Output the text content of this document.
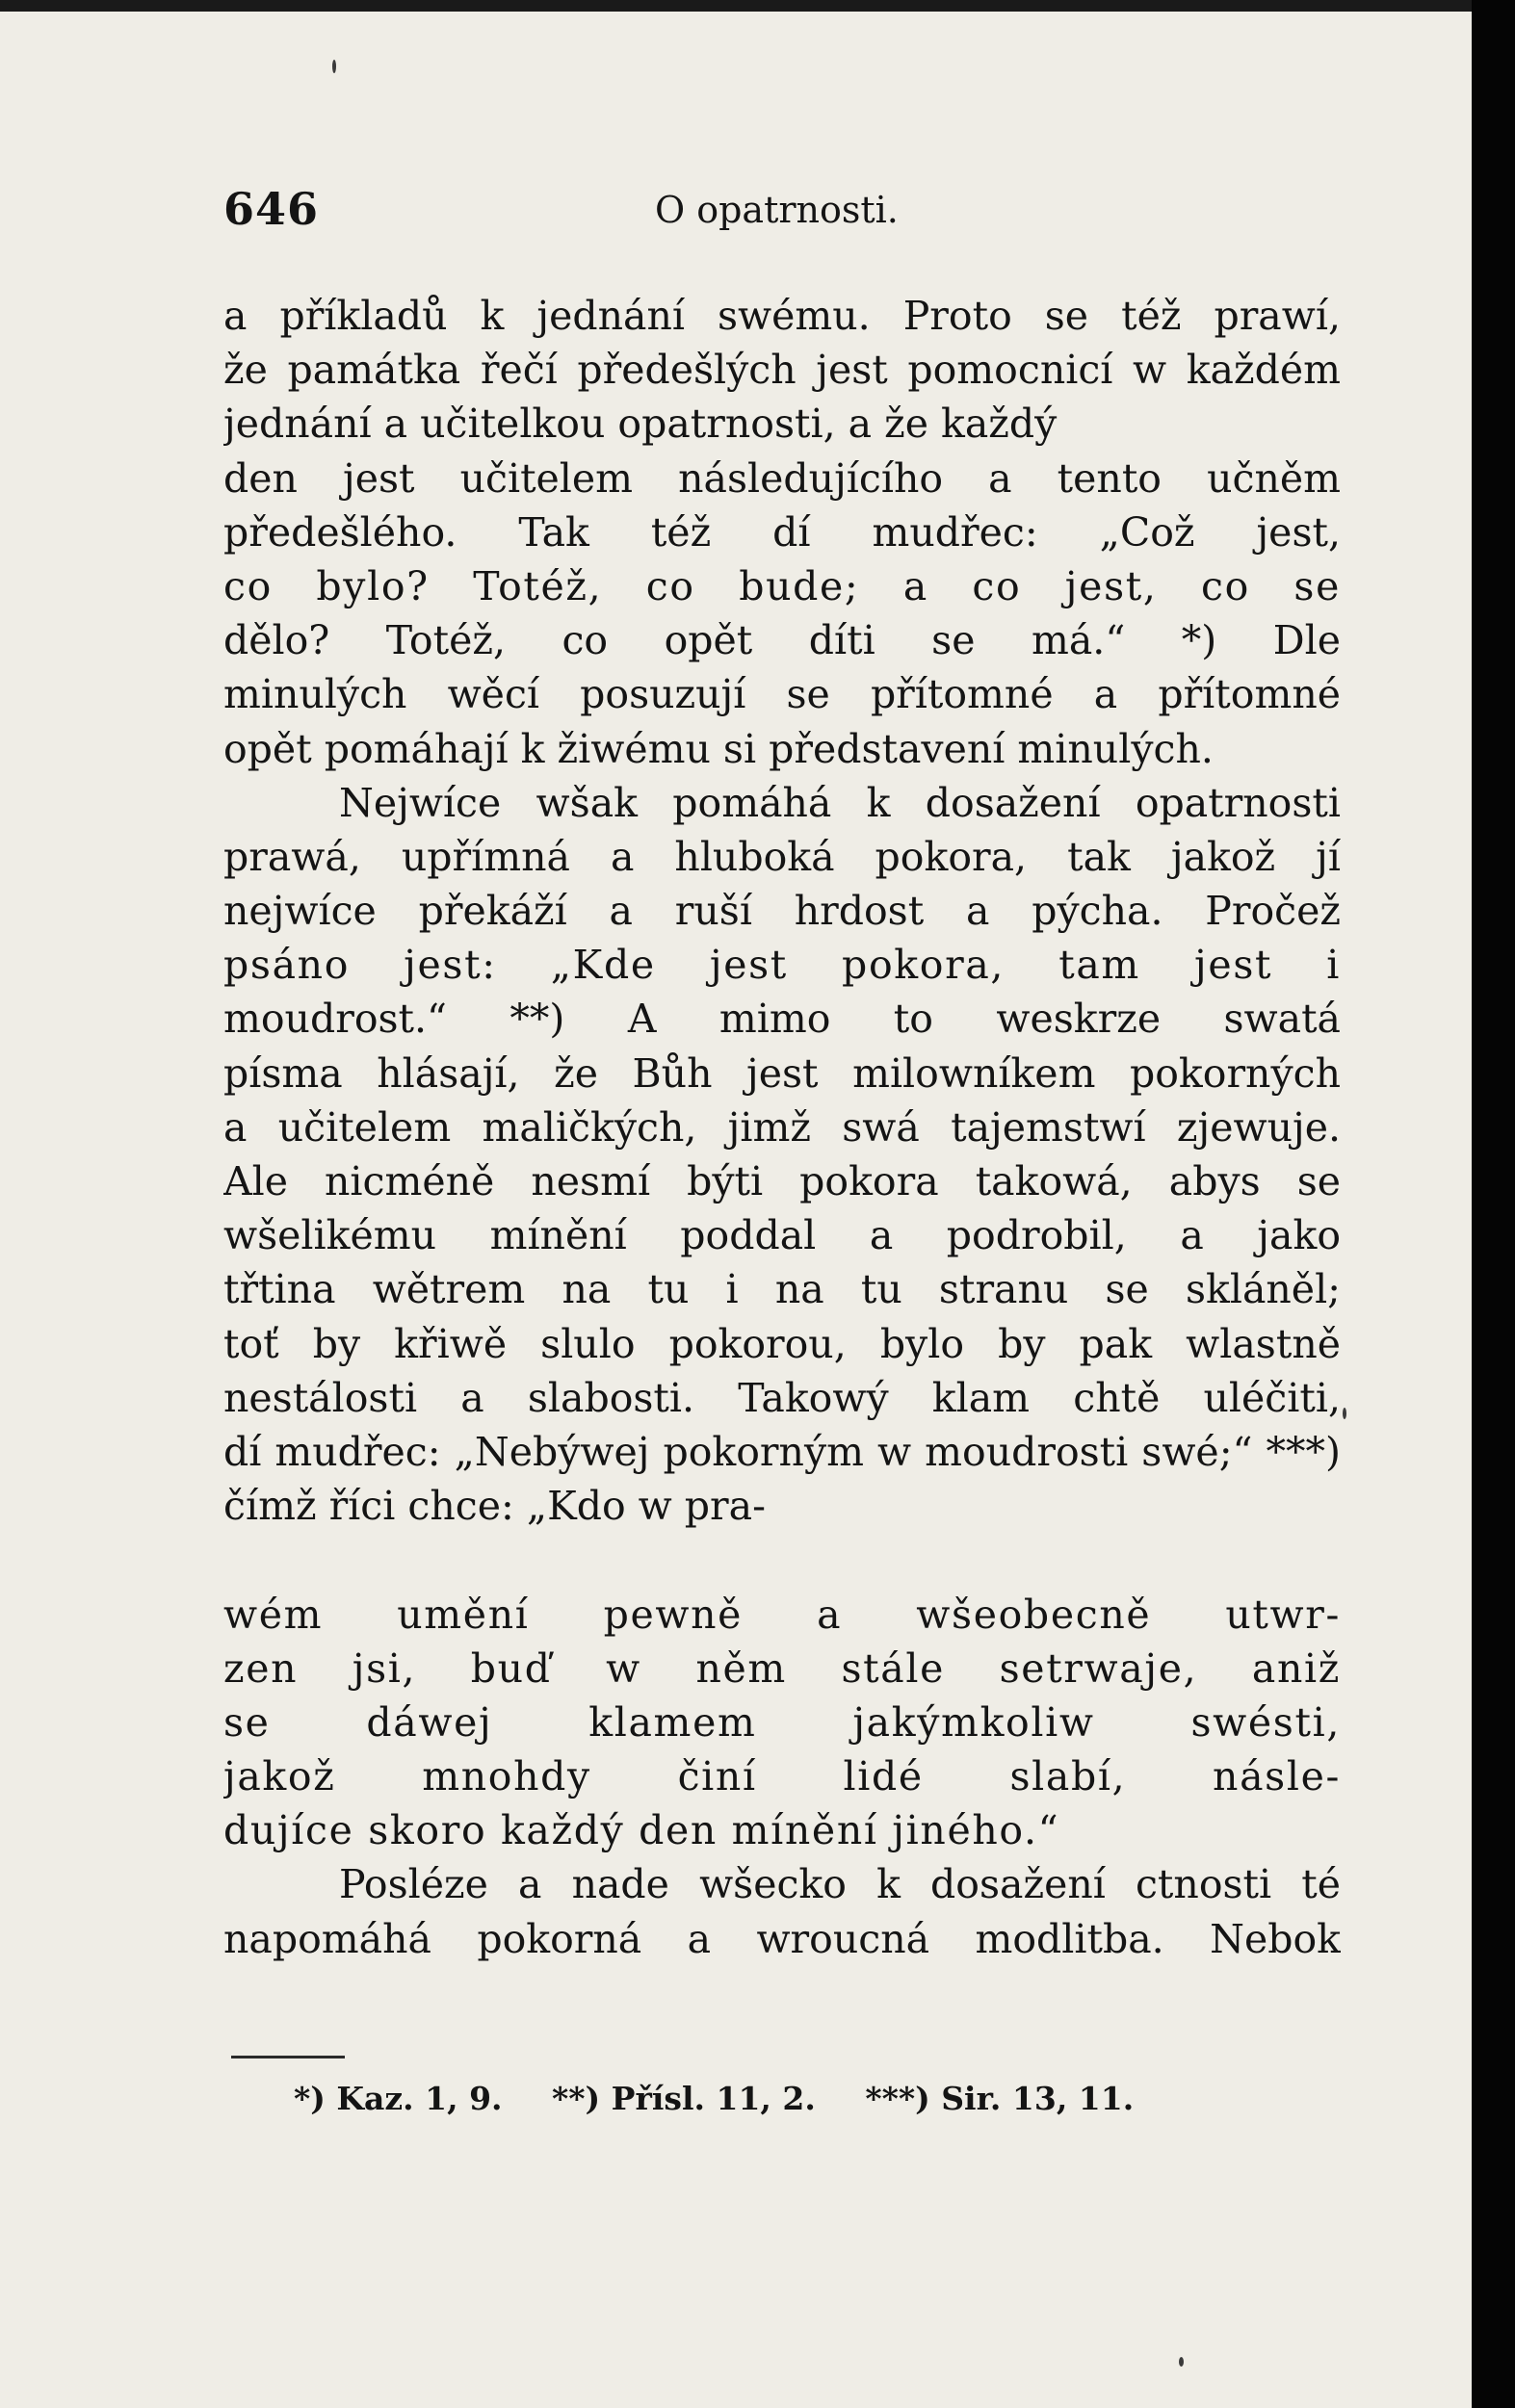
646	O opatrnosti.
a příkladů k jednání swému. Proto se též prawí,
že památka řečí předešlých jest pomocnicí w každém jednání a učitelkou opatrnosti, a že každý
den jest učitelem následujícího a tento učněm
předešlého. Tak též dí mudřec: „Což jest,
co bylo? Totéž, co bude; a co jest, co se
dělo? Totéž, co opět díti se má.“ *) Dle
minulých wěcí posuzují se přítomné a přítomné
opět pomáhají k žiwému si představení minulých.
Nejwíce wšak pomáhá k dosažení opatrnosti
prawá, upřímná a hluboká pokora, tak jakož jí
nejwíce překáží a ruší hrdost a pýcha. Pročež
psáno jest: „Kde jest pokora, tam jest i
moudrost.“ **) A mimo to weskrze swatá
písma hlásají, že Bůh jest milowníkem pokorných
a učitelem maličkých, jimž swá tajemstwí zjewuje.
Ale nicméně nesmí býti pokora takowá, abys se
wšelikému mínění poddal a podrobil, a jako
třtina wětrem na tu i na tu stranu se skláněl;
toť by křiwě slulo pokorou, bylo by pak wlastně
nestálosti a slabosti. Takowý klam chtě uléčiti,
dí mudřec: „Nebýwej pokorným w moudrosti swé;“ ***) čímž říci chce: „Kdo w pra-
wém umění pewně a wšeobecně utwr-
zen jsi, buď w něm stále setrwaje, aniž
se dáwej klamem jakýmkoliw swésti,
jakož mnohdy činí lidé slabí, násle-
dujíce skoro každý den mínění jiného.“
Posléze a nade wšecko k dosažení ctnosti té
napomáhá pokorná a wroucná modlitba. Nebok
*) Kaz. 1, 9. **) Přísl. 11, 2. ***) Sir. 13, 11.
